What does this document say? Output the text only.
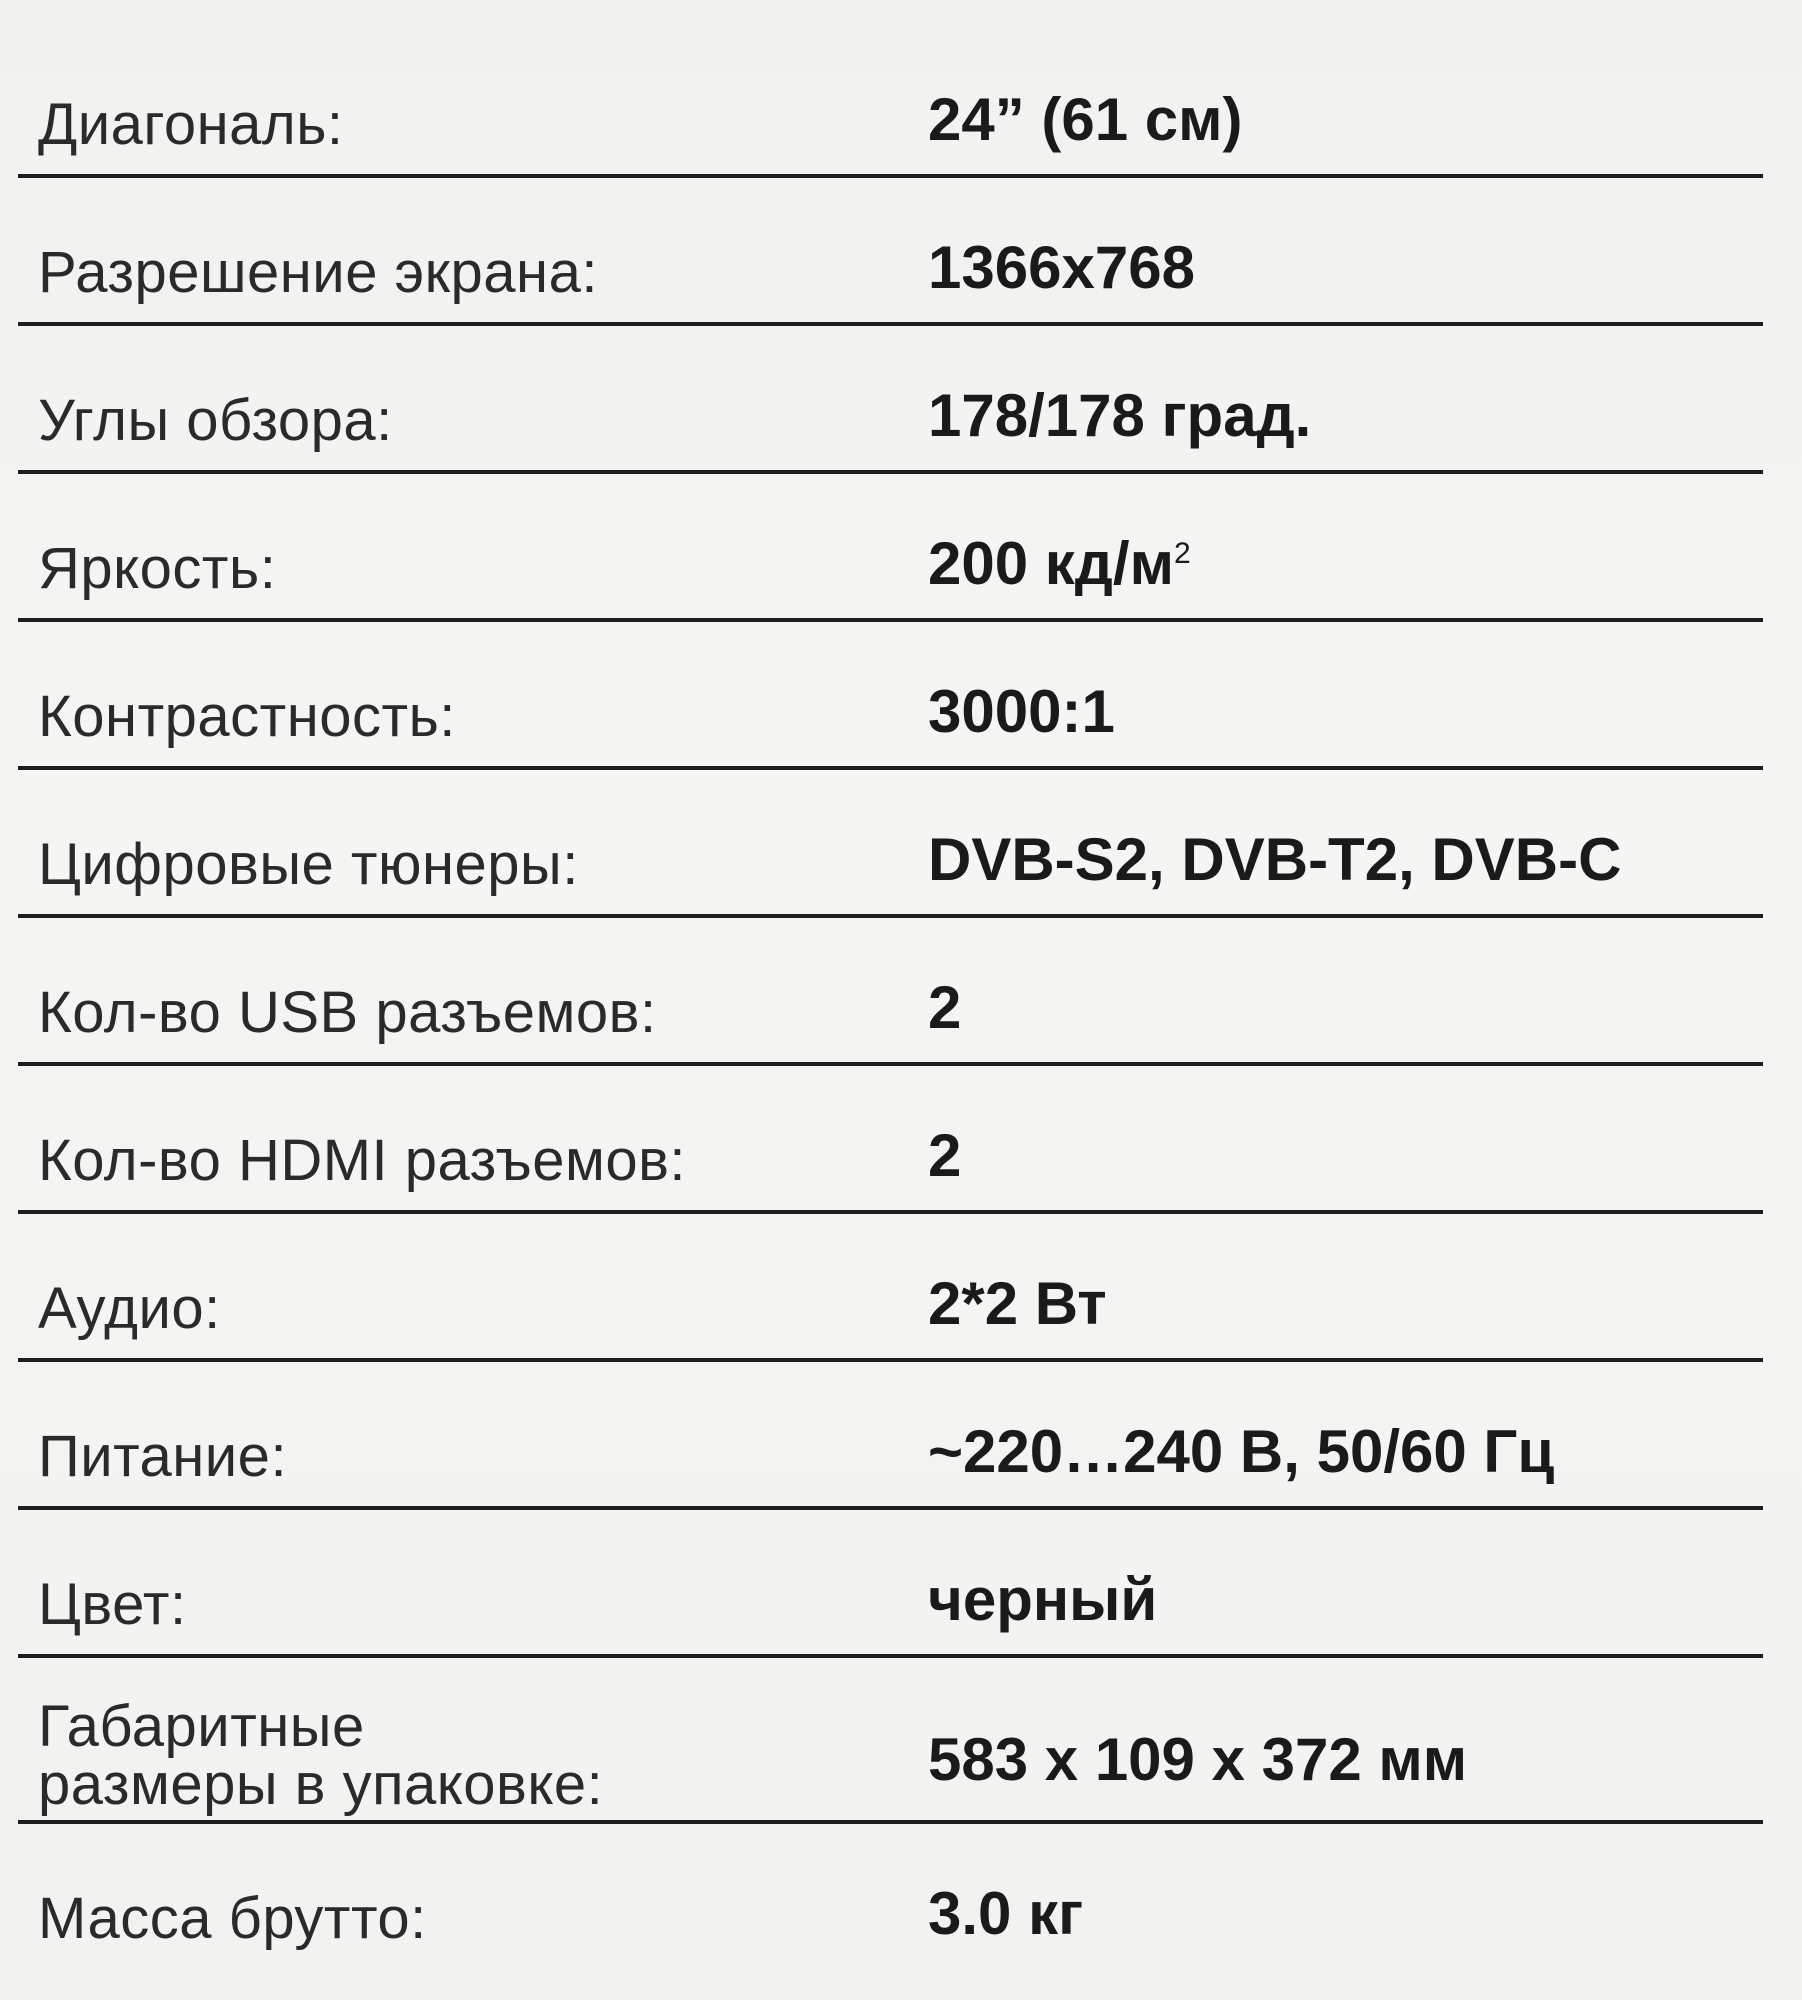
Диагональ:	24” (61 см)
Разрешение экрана:	1366x768
Углы обзора:	178/178 град.
Яркость:	200 $кд/м^2$
Контрастность:	3000:1
Цифровые тюнеры:	DVB-S2, DVB-T2, DVB-C
Кол-во USB разъемов:	2
Кол-во HDMI разъемов:	2
Аудио:	2*2 Вт
Питание:	~220…240 В, 50/60 Гц
Цвет:	черный
Габаритные
размеры в упаковке:	583 x 109 x 372 мм
Масса брутто:	3.0 кг
